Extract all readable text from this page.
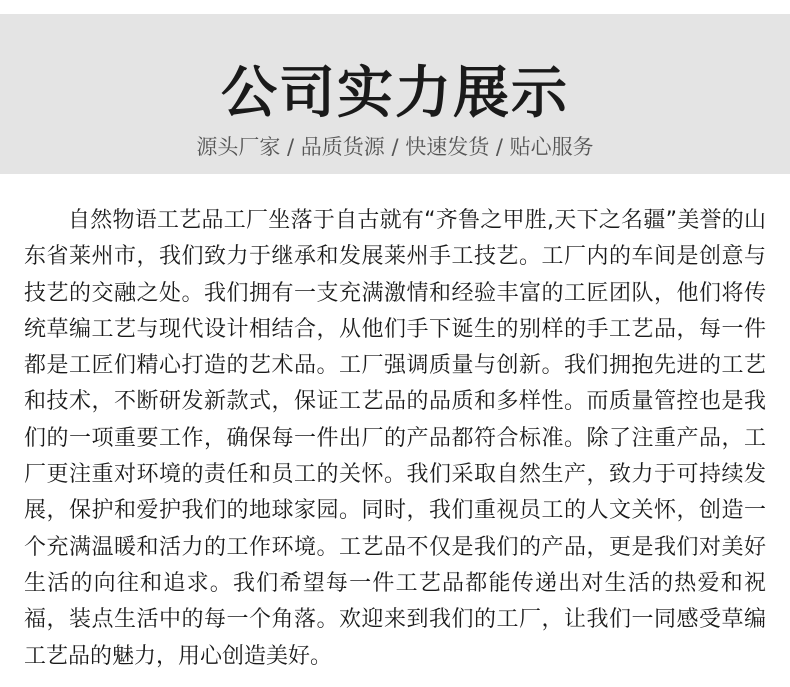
公司实力展示
源头厂家 / 品质货源 / 快速发货 / 贴心服务
自然物语工艺品工厂坐落于自古就有“齐鲁之甲胜,天下之名疆”美誉的山东省莱州市，我们致力于继承和发展莱州手工技艺。工厂内的车间是创意与技艺的交融之处。我们拥有一支充满激情和经验丰富的工匠团队，他们将传统草编工艺与现代设计相结合，从他们手下诞生的别样的手工艺品，每一件都是工匠们精心打造的艺术品。工厂强调质量与创新。我们拥抱先进的工艺和技术，不断研发新款式，保证工艺品的品质和多样性。而质量管控也是我们的一项重要工作，确保每一件出厂的产品都符合标准。除了注重产品，工厂更注重对环境的责任和员工的关怀。我们采取自然生产，致力于可持续发展，保护和爱护我们的地球家园。同时，我们重视员工的人文关怀，创造一个充满温暖和活力的工作环境。工艺品不仅是我们的产品，更是我们对美好生活的向往和追求。我们希望每一件工艺品都能传递出对生活的热爱和祝福，装点生活中的每一个角落。欢迎来到我们的工厂，让我们一同感受草编工艺品的魅力，用心创造美好。
